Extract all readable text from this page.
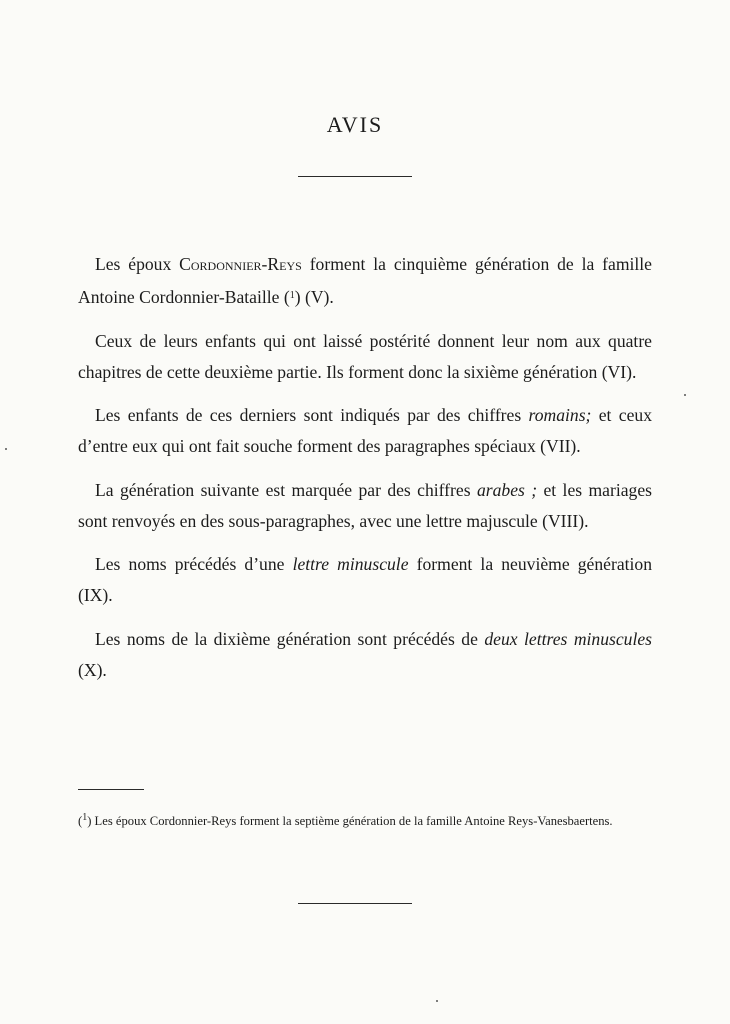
AVIS

Les époux Cordonnier-Reys forment la cinquième génération de la famille Antoine Cordonnier-Bataille ($^1$) (V).

Ceux de leurs enfants qui ont laissé postérité donnent leur nom aux quatre chapitres de cette deuxième partie. Ils forment donc la sixième génération (VI).

Les enfants de ces derniers sont indiqués par des chiffres romains; et ceux d’entre eux qui ont fait souche forment des paragraphes spéciaux (VII).

La génération suivante est marquée par des chiffres arabes ; et les mariages sont renvoyés en des sous-paragraphes, avec une lettre majuscule (VIII).

Les noms précédés d’une lettre minuscule forment la neuvième génération (IX).

Les noms de la dixième génération sont précédés de deux lettres minuscules (X).

($^1$) Les époux Cordonnier-Reys forment la septième génération de la famille Antoine Reys-Vanesbaertens.
